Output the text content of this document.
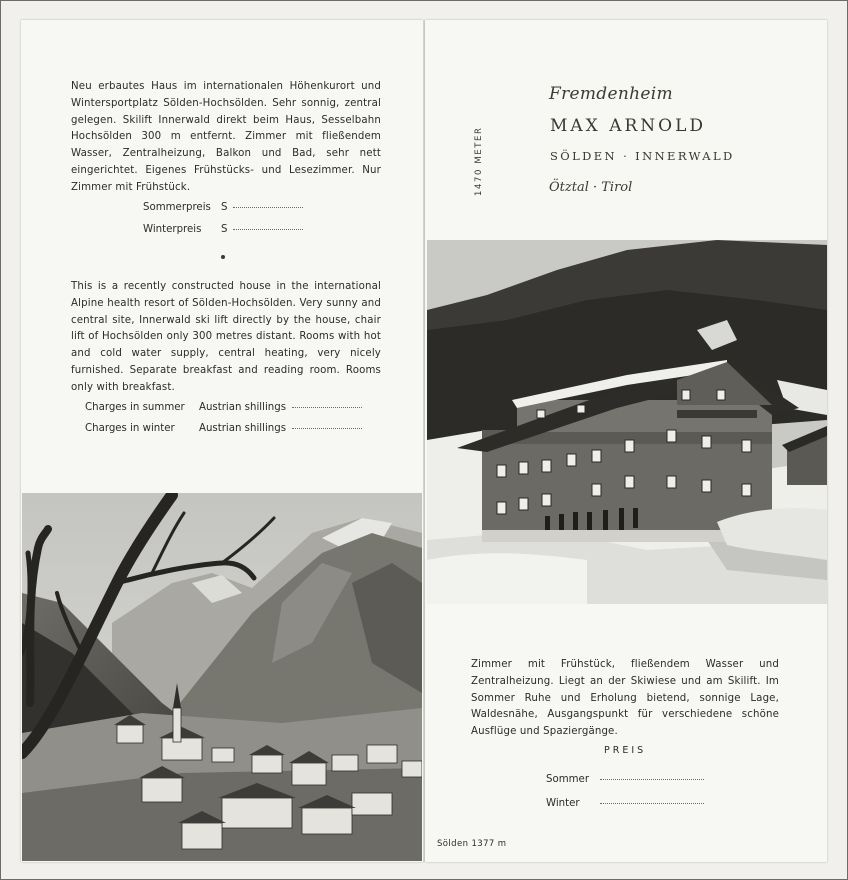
Neu erbautes Haus im internationalen Höhenkurort und Wintersportplatz Sölden-Hochsölden. Sehr sonnig, zentral gelegen. Skilift Innerwald direkt beim Haus, Sesselbahn Hochsölden 300 m entfernt. Zimmer mit fließendem Wasser, Zentralheizung, Balkon und Bad, sehr nett eingerichtet. Eigenes Frühstücks- und Lesezimmer. Nur Zimmer mit Frühstück.

Sommerpreis S
Winterpreis	S

This is a recently constructed house in the international Alpine health resort of Sölden-Hochsölden. Very sunny and central site, Innerwald ski lift directly by the house, chair lift of Hochsölden only 300 metres distant. Rooms with hot and cold water supply, central heating, very nicely furnished. Separate breakfast and reading room. Rooms only with breakfast.

Charges in summer	Austrian shillings
Charges in winter	Austrian shillings
1470 METER
Fremdenheim
MAX ARNOLD
SÖLDEN · INNERWALD
Ötztal · Tirol

Zimmer mit Frühstück, fließendem Wasser und Zentralheizung. Liegt an der Skiwiese und am Skilift. Im Sommer Ruhe und Erholung bietend, sonnige Lage, Waldesnähe, Ausgangspunkt für verschiedene schöne Ausflüge und Spaziergänge.

PREIS
Sommer
Winter
Sölden 1377 m
